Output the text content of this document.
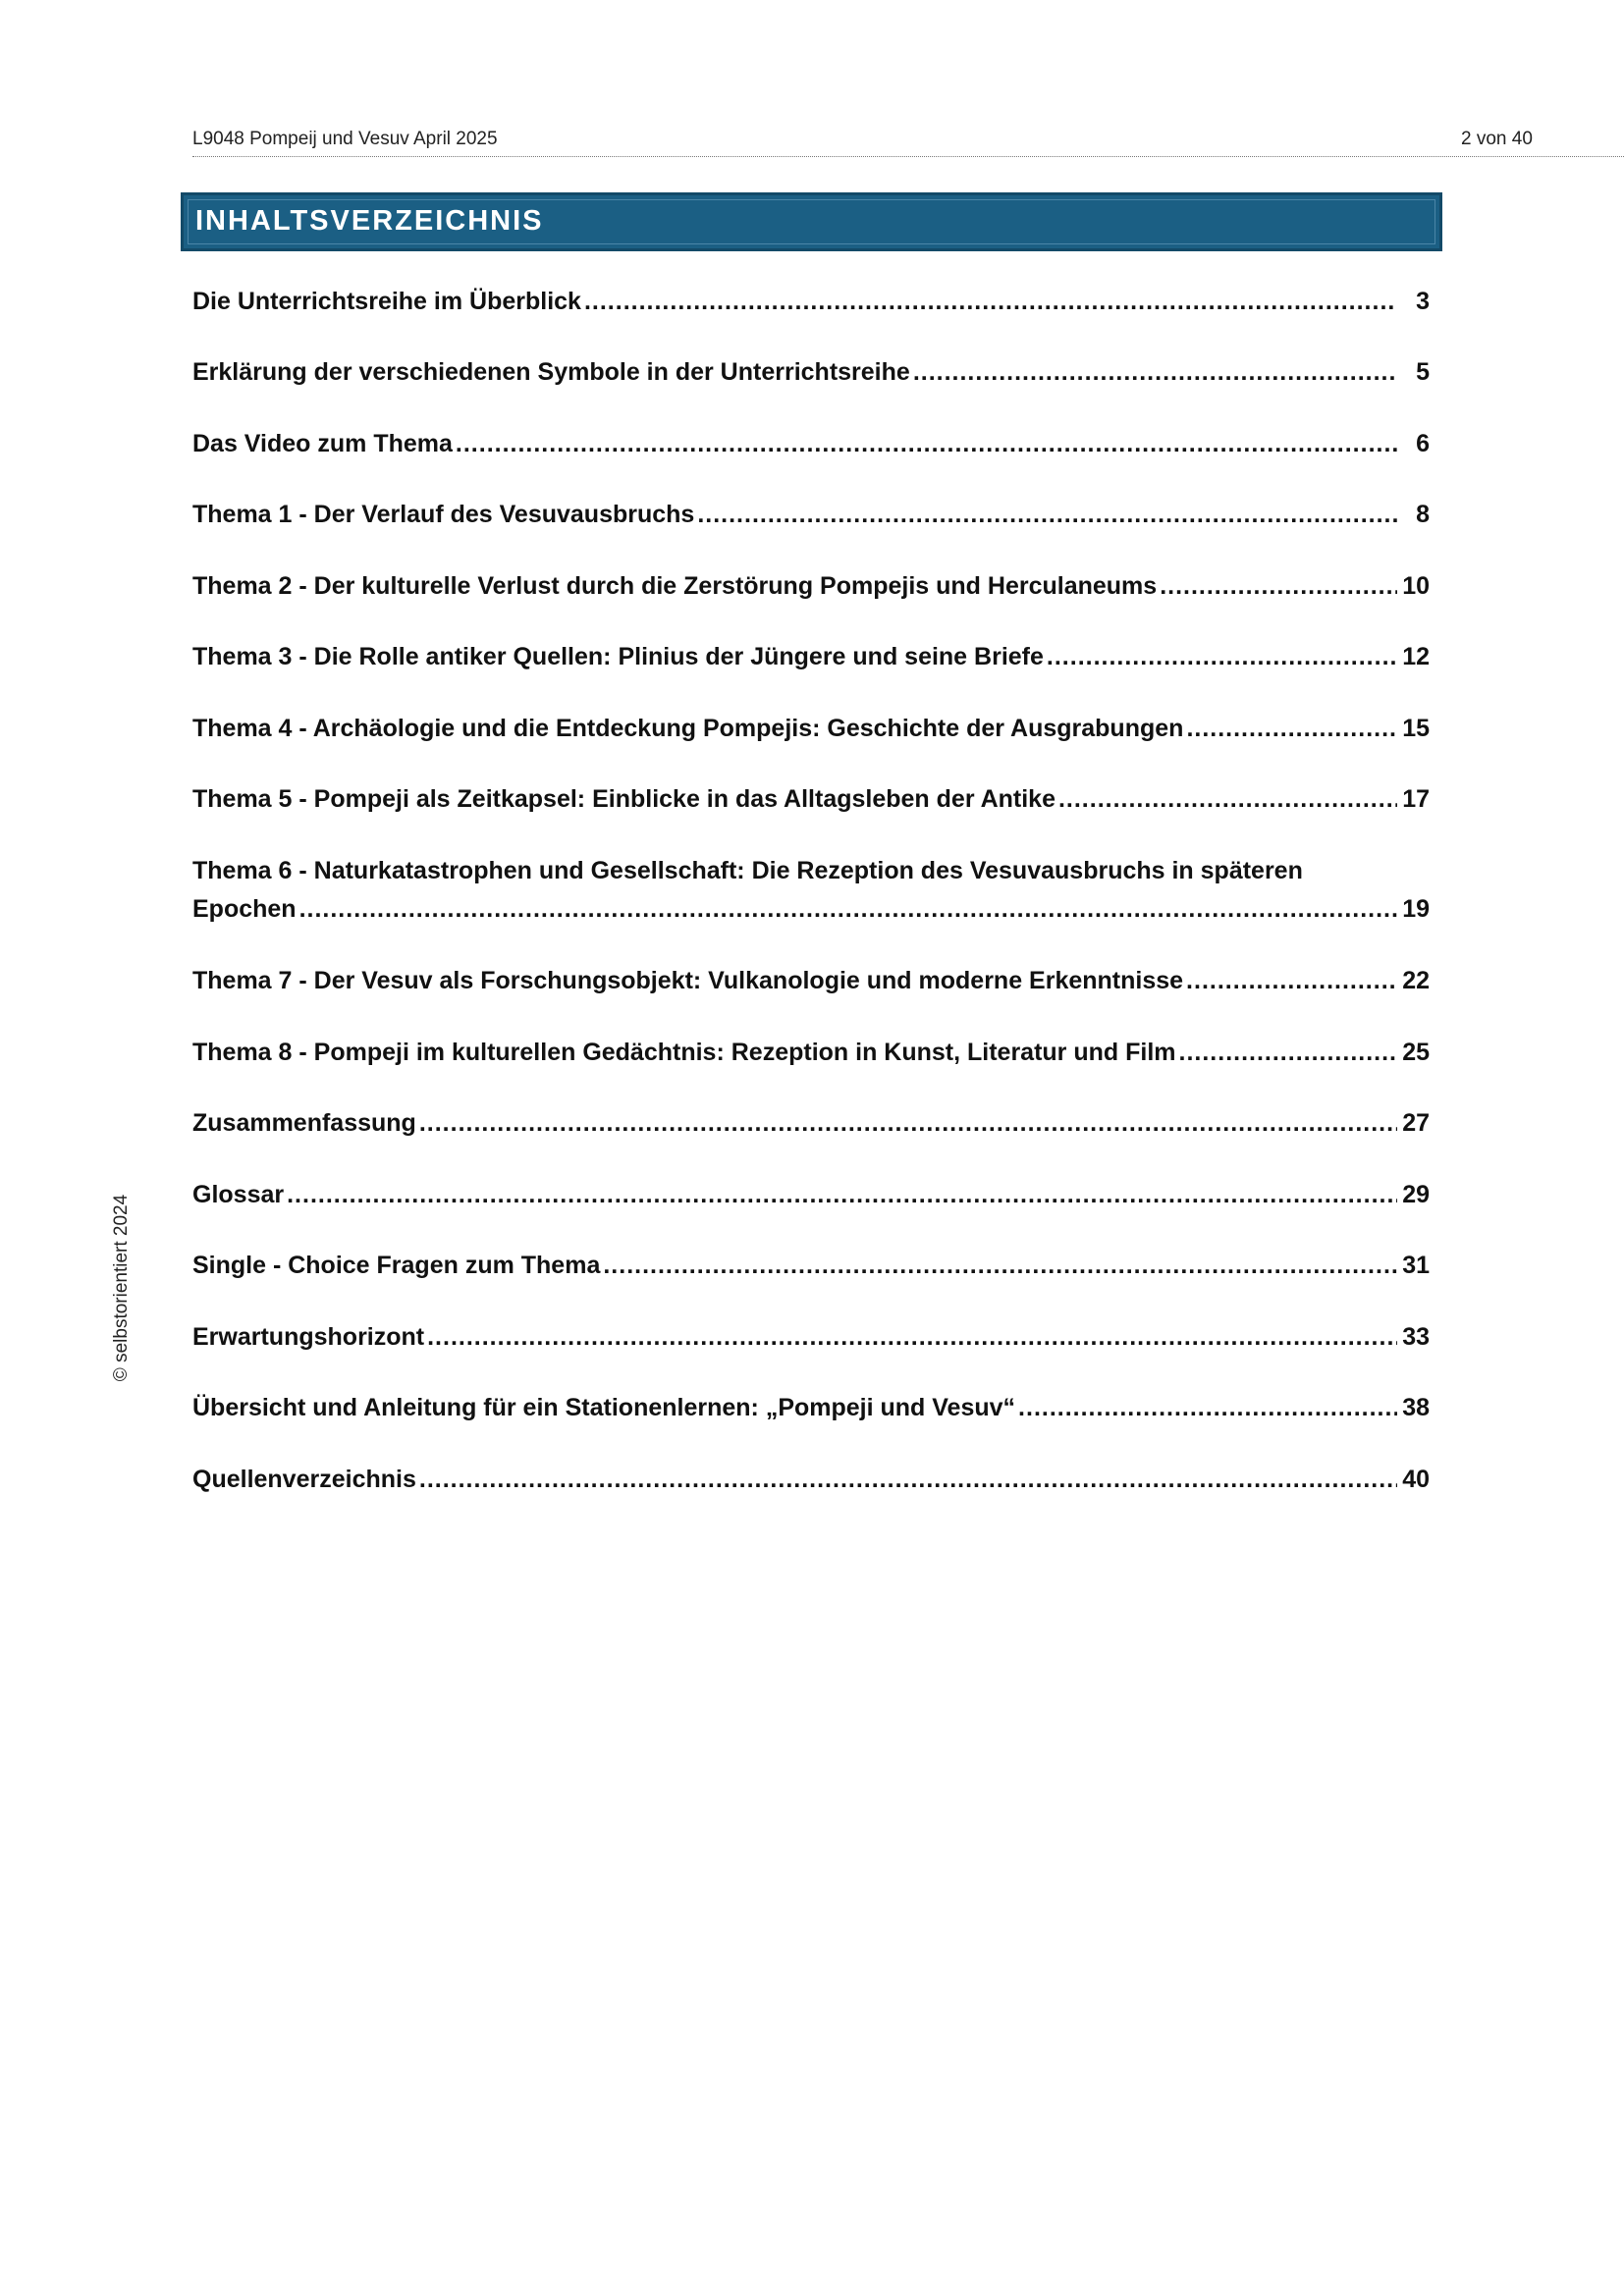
L9048 Pompeij und Vesuv April 2025	2 von 40
INHALTSVERZEICHNIS
Die Unterrichtsreihe im Überblick .....	3
Erklärung der verschiedenen Symbole in der Unterrichtsreihe .....	5
Das Video zum Thema .....	6
Thema 1 - Der Verlauf des Vesuvausbruchs .....	8
Thema 2 - Der kulturelle Verlust durch die Zerstörung Pompejis und Herculaneums .....	10
Thema 3 - Die Rolle antiker Quellen: Plinius der Jüngere und seine Briefe .....	12
Thema 4 - Archäologie und die Entdeckung Pompejis: Geschichte der Ausgrabungen .....	15
Thema 5 - Pompeji als Zeitkapsel: Einblicke in das Alltagsleben der Antike .....	17
Thema 6 - Naturkatastrophen und Gesellschaft: Die Rezeption des Vesuvausbruchs in späteren
Epochen .....	19
Thema 7 - Der Vesuv als Forschungsobjekt: Vulkanologie und moderne Erkenntnisse .....	22
Thema 8 - Pompeji im kulturellen Gedächtnis: Rezeption in Kunst, Literatur und Film .....	25
Zusammenfassung .....	27
Glossar .....	29
Single - Choice Fragen zum Thema .....	31
Erwartungshorizont .....	33
Übersicht und Anleitung für ein Stationenlernen: „Pompeji und Vesuv“ .....	38
Quellenverzeichnis .....	40
© selbstorientiert 2024
